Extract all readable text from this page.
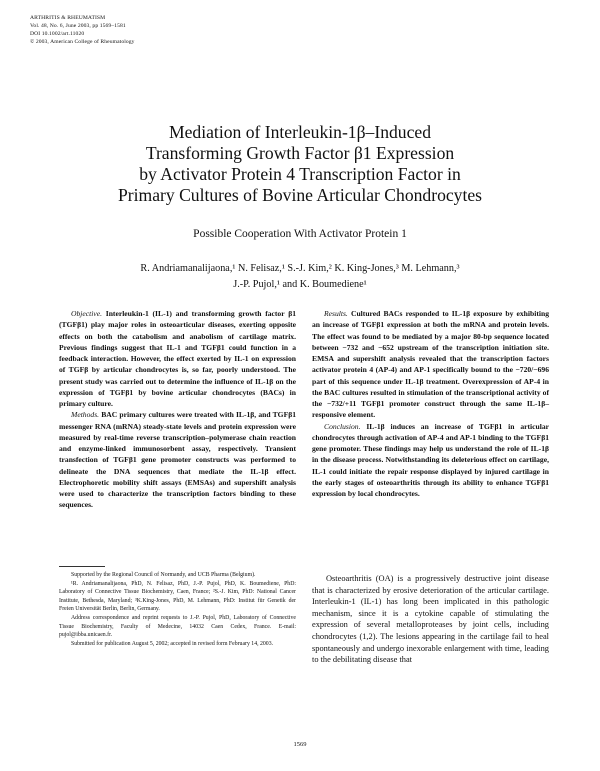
ARTHRITIS & RHEUMATISM
Vol. 48, No. 6, June 2003, pp 1569–1581
DOI 10.1002/art.11020
© 2003, American College of Rheumatology
Mediation of Interleukin-1β–Induced
Transforming Growth Factor β1 Expression
by Activator Protein 4 Transcription Factor in
Primary Cultures of Bovine Articular Chondrocytes
Possible Cooperation With Activator Protein 1
R. Andriamanalijaona,¹ N. Felisaz,¹ S.-J. Kim,² K. King-Jones,³ M. Lehmann,³
J.-P. Pujol,¹ and K. Boumediene¹

Objective. Interleukin-1 (IL-1) and transforming growth factor β1 (TGFβ1) play major roles in osteoarticular diseases, exerting opposite effects on both the catabolism and anabolism of cartilage matrix. Previous findings suggest that IL-1 and TGFβ1 could function in a feedback interaction. However, the effect exerted by IL-1 on expression of TGFβ by articular chondrocytes is, so far, poorly understood. The present study was carried out to determine the influence of IL-1β on the expression of TGFβ1 by bovine articular chondrocytes (BACs) in primary culture.

Methods. BAC primary cultures were treated with IL-1β, and TGFβ1 messenger RNA (mRNA) steady-state levels and protein expression were measured by real-time reverse transcription–polymerase chain reaction and enzyme-linked immunosorbent assay, respectively. Transient transfection of TGFβ1 gene promoter constructs was performed to delineate the DNA sequences that mediate the IL-1β effect. Electrophoretic mobility shift assays (EMSAs) and supershift analysis were used to characterize the transcription factors binding to these sequences.

Results. Cultured BACs responded to IL-1β exposure by exhibiting an increase of TGFβ1 expression at both the mRNA and protein levels. The effect was found to be mediated by a major 80-bp sequence located between −732 and −652 upstream of the transcription initiation site. EMSA and supershift analysis revealed that the transcription factors activator protein 4 (AP-4) and AP-1 specifically bound to the −720/−696 part of this sequence under IL-1β treatment. Overexpression of AP-4 in the BAC cultures resulted in stimulation of the transcriptional activity of the −732/+11 TGFβ1 promoter construct through the same IL-1β–responsive element.

Conclusion. IL-1β induces an increase of TGFβ1 in articular chondrocytes through activation of AP-4 and AP-1 binding to the TGFβ1 gene promoter. These findings may help us understand the role of IL-1β in the disease process. Notwithstanding its deleterious effect on cartilage, IL-1 could initiate the repair response displayed by injured cartilage in the early stages of osteoarthritis through its ability to enhance TGFβ1 expression by local chondrocytes.

Supported by the Regional Council of Normandy, and UCB Pharma (Belgium).

¹R. Andriamanalijaona, PhD, N. Felisaz, PhD, J.-P. Pujol, PhD, K. Boumediene, PhD: Laboratory of Connective Tissue Biochemistry, Caen, France; ²S.-J. Kim, PhD: National Cancer Institute, Bethesda, Maryland; ³K.King-Jones, PhD, M. Lehmann, PhD: Institut für Genetik der Freien Universität Berlin, Berlin, Germany.

Address correspondence and reprint requests to J.-P. Pujol, PhD, Laboratory of Connective Tissue Biochemistry, Faculty of Medecine, 14032 Caen Cedex, France. E-mail: pujol@ibba.unicaen.fr.

Submitted for publication August 5, 2002; accepted in revised form February 14, 2003.

Osteoarthritis (OA) is a progressively destructive joint disease that is characterized by erosive deterioration of the articular cartilage. Interleukin-1 (IL-1) has long been implicated in this pathologic mechanism, since it is a cytokine capable of stimulating the expression of several metalloproteases by joint cells, including chondrocytes (1,2). The lesions appearing in the cartilage fail to heal spontaneously and undergo inexorable enlargement with time, leading to the debilitating disease that

1569
